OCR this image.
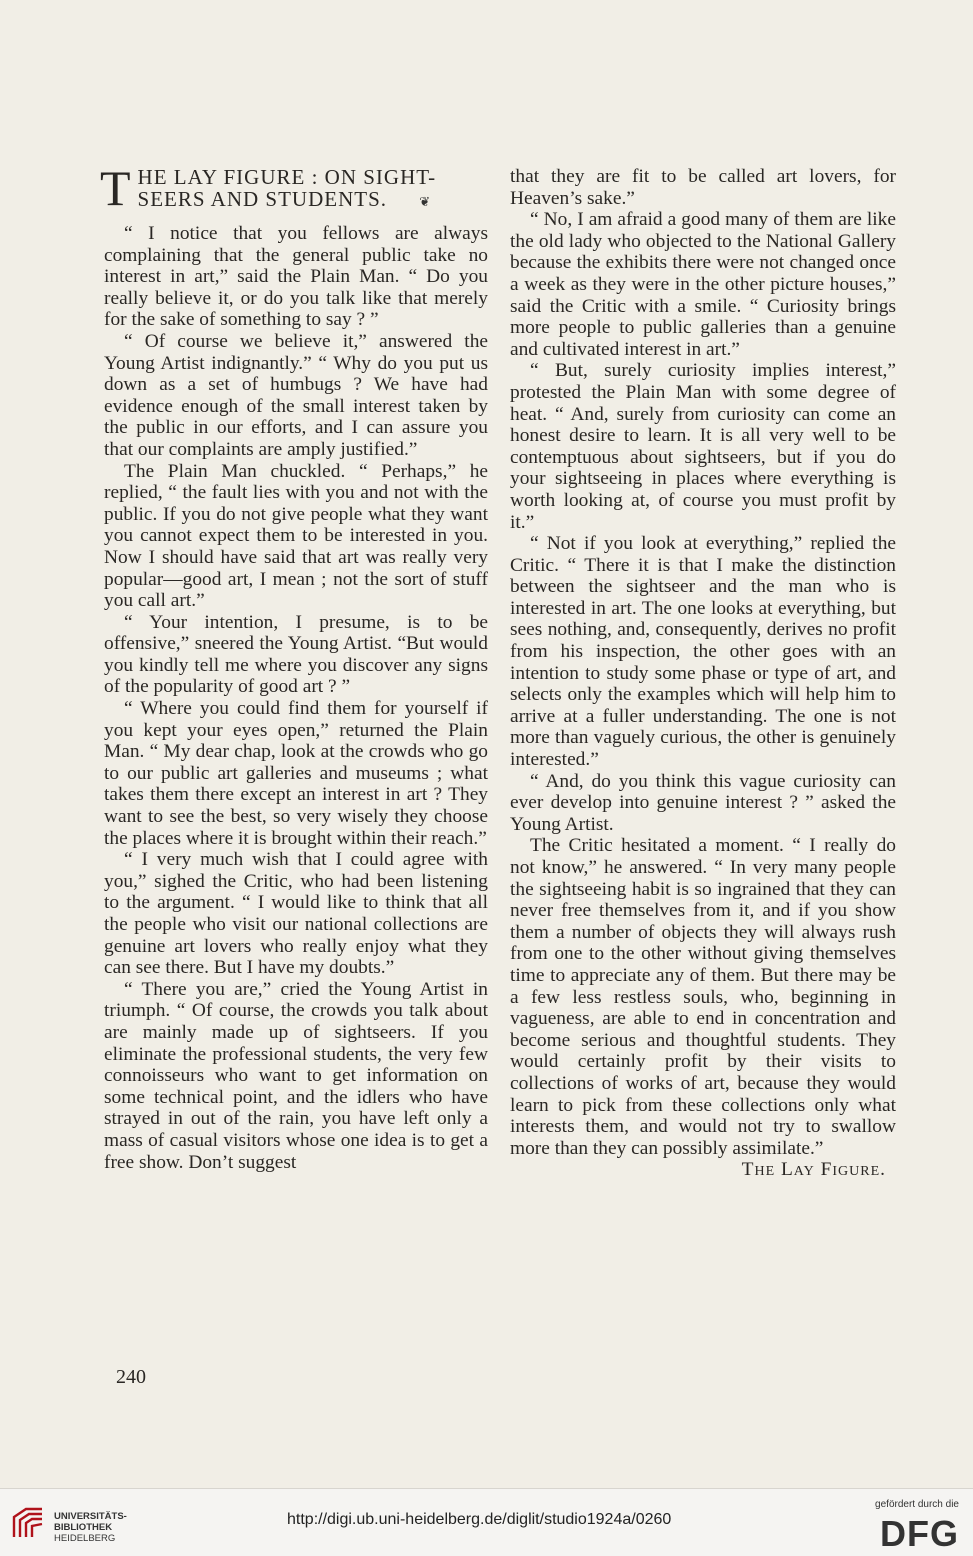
T HE LAY FIGURE : ON SIGHT-
SEERS AND STUDENTS. ❦

“ I notice that you fellows are always complaining that the general public take no interest in art,” said the Plain Man. “ Do you really believe it, or do you talk like that merely for the sake of something to say ? ”

“ Of course we believe it,” answered the Young Artist indignantly.” “ Why do you put us down as a set of humbugs ? We have had evidence enough of the small interest taken by the public in our efforts, and I can assure you that our complaints are amply justified.”

The Plain Man chuckled. “ Perhaps,” he replied, “ the fault lies with you and not with the public. If you do not give people what they want you cannot expect them to be interested in you. Now I should have said that art was really very popular—good art, I mean ; not the sort of stuff you call art.”

“ Your intention, I presume, is to be offensive,” sneered the Young Artist. “But would you kindly tell me where you discover any signs of the popularity of good art ? ”

“ Where you could find them for yourself if you kept your eyes open,” returned the Plain Man. “ My dear chap, look at the crowds who go to our public art galleries and museums ; what takes them there except an interest in art ? They want to see the best, so very wisely they choose the places where it is brought within their reach.”

“ I very much wish that I could agree with you,” sighed the Critic, who had been listening to the argument. “ I would like to think that all the people who visit our national collections are genuine art lovers who really enjoy what they can see there. But I have my doubts.”

“ There you are,” cried the Young Artist in triumph. “ Of course, the crowds you talk about are mainly made up of sightseers. If you eliminate the professional students, the very few connoisseurs who want to get information on some technical point, and the idlers who have strayed in out of the rain, you have left only a mass of casual visitors whose one idea is to get a free show. Don’t suggest

that they are fit to be called art lovers, for Heaven’s sake.”

“ No, I am afraid a good many of them are like the old lady who objected to the National Gallery because the exhibits there were not changed once a week as they were in the other picture houses,” said the Critic with a smile. “ Curiosity brings more people to public galleries than a genuine and cultivated interest in art.”

“ But, surely curiosity implies interest,” protested the Plain Man with some degree of heat. “ And, surely from curiosity can come an honest desire to learn. It is all very well to be contemptuous about sightseers, but if you do your sightseeing in places where everything is worth looking at, of course you must profit by it.”

“ Not if you look at everything,” replied the Critic. “ There it is that I make the distinction between the sightseer and the man who is interested in art. The one looks at everything, but sees nothing, and, consequently, derives no profit from his inspection, the other goes with an intention to study some phase or type of art, and selects only the examples which will help him to arrive at a fuller understanding. The one is not more than vaguely curious, the other is genuinely interested.”

“ And, do you think this vague curiosity can ever develop into genuine interest ? ” asked the Young Artist.

The Critic hesitated a moment. “ I really do not know,” he answered. “ In very many people the sightseeing habit is so ingrained that they can never free themselves from it, and if you show them a number of objects they will always rush from one to the other without giving themselves time to appreciate any of them. But there may be a few less restless souls, who, beginning in vagueness, are able to end in concentration and become serious and thoughtful students. They would certainly profit by their visits to collections of works of art, because they would learn to pick from these collections only what interests them, and would not try to swallow more than they can possibly assimilate.”

The Lay Figure.

240
UNIVERSITÄTS-
BIBLIOTHEK
HEIDELBERG
http://digi.ub.uni-heidelberg.de/diglit/studio1924a/0260
gefördert durch die
DFG
